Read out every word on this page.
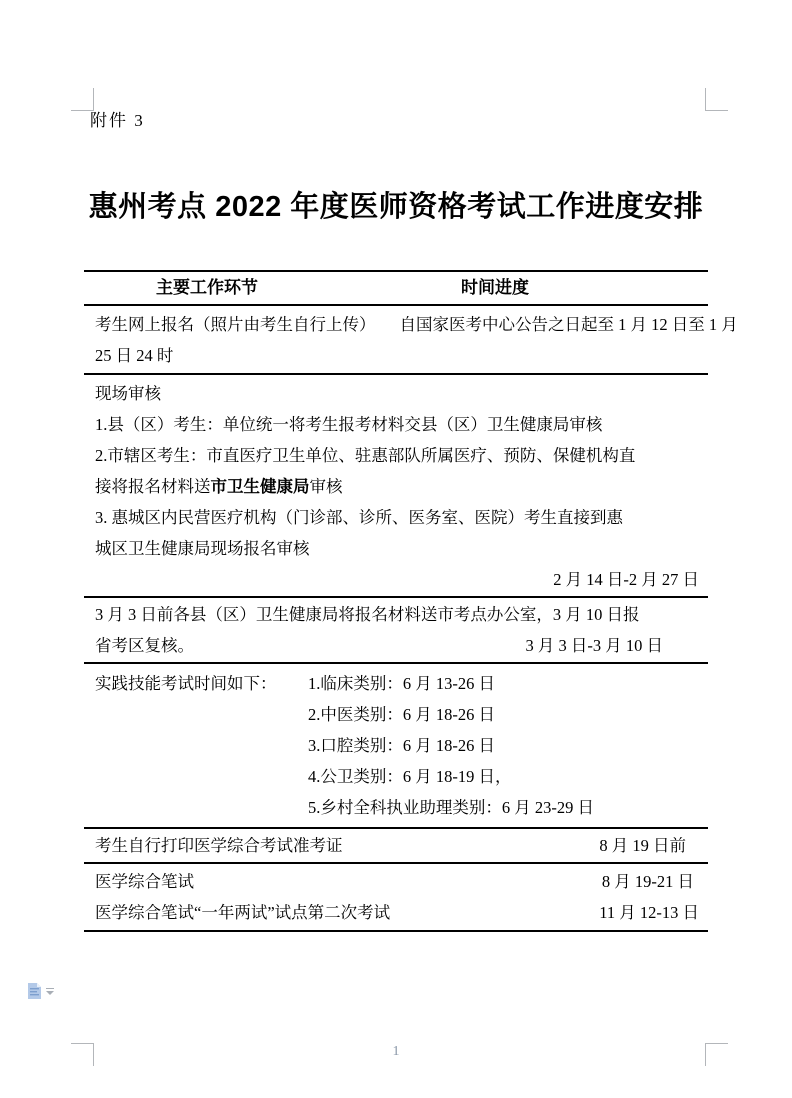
附件 3
惠州考点 2022 年度医师资格考试工作进度安排
主要工作环节	时间进度
考生网上报名（照片由考生自行上传） 自国家医考中心公告之日起至 1 月 12 日至 1 月
25 日 24 时
现场审核
1.县（区）考生：单位统一将考生报考材料交县（区）卫生健康局审核
2.市辖区考生：市直医疗卫生单位、驻惠部队所属医疗、预防、保健机构直
接将报名材料送市卫生健康局审核
3. 惠城区内民营医疗机构（门诊部、诊所、医务室、医院）考生直接到惠
城区卫生健康局现场报名审核
2 月 14 日-2 月 27 日
3 月 3 日前各县（区）卫生健康局将报名材料送市考点办公室，3 月 10 日报
省考区复核。	3 月 3 日-3 月 10 日
实践技能考试时间如下： 1.临床类别：6 月 13-26 日
2.中医类别：6 月 18-26 日
3.口腔类别：6 月 18-26 日
4.公卫类别：6 月 18-19 日，
5.乡村全科执业助理类别：6 月 23-29 日
考生自行打印医学综合考试准考证	8 月 19 日前
医学综合笔试	8 月 19-21 日
医学综合笔试“一年两试”试点第二次考试	11 月 12-13 日
1
